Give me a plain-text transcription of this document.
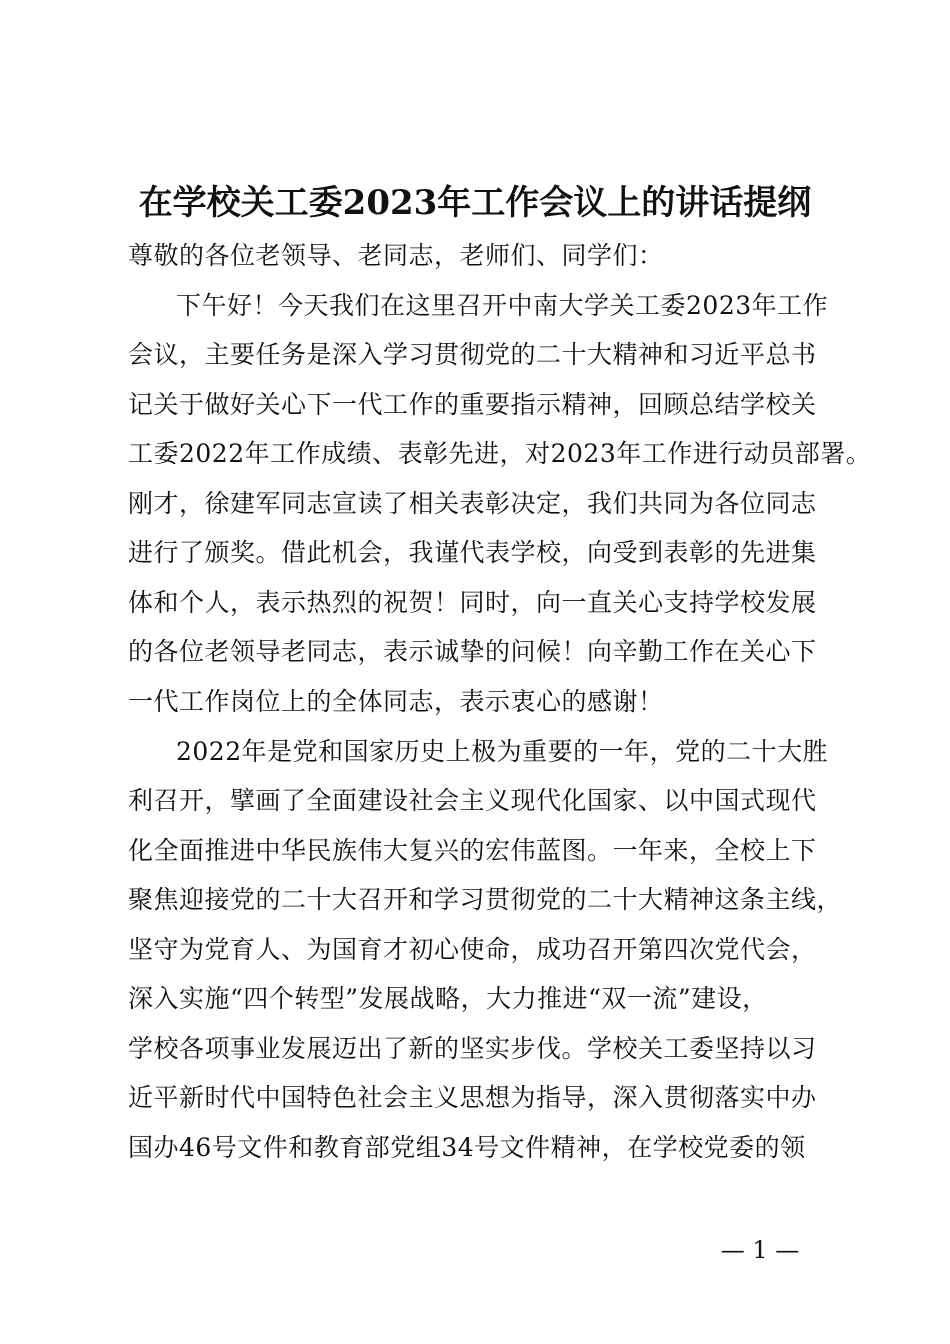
在学校关工委2023年工作会议上的讲话提纲
尊敬的各位老领导、老同志，老师们、同学们：
下午好！今天我们在这里召开中南大学关工委2023年工作
会议，主要任务是深入学习贯彻党的二十大精神和习近平总书
记关于做好关心下一代工作的重要指示精神，回顾总结学校关
工委2022年工作成绩、表彰先进，对2023年工作进行动员部署。
刚才，徐建军同志宣读了相关表彰决定，我们共同为各位同志
进行了颁奖。借此机会，我谨代表学校，向受到表彰的先进集
体和个人，表示热烈的祝贺！同时，向一直关心支持学校发展
的各位老领导老同志，表示诚挚的问候！向辛勤工作在关心下
一代工作岗位上的全体同志，表示衷心的感谢！
2022年是党和国家历史上极为重要的一年，党的二十大胜
利召开，擘画了全面建设社会主义现代化国家、以中国式现代
化全面推进中华民族伟大复兴的宏伟蓝图。一年来，全校上下
聚焦迎接党的二十大召开和学习贯彻党的二十大精神这条主线，
坚守为党育人、为国育才初心使命，成功召开第四次党代会，
深入实施“四个转型”发展战略，大力推进“双一流”建设，
学校各项事业发展迈出了新的坚实步伐。学校关工委坚持以习
近平新时代中国特色社会主义思想为指导，深入贯彻落实中办
国办46号文件和教育部党组34号文件精神，在学校党委的领
— 1 —
